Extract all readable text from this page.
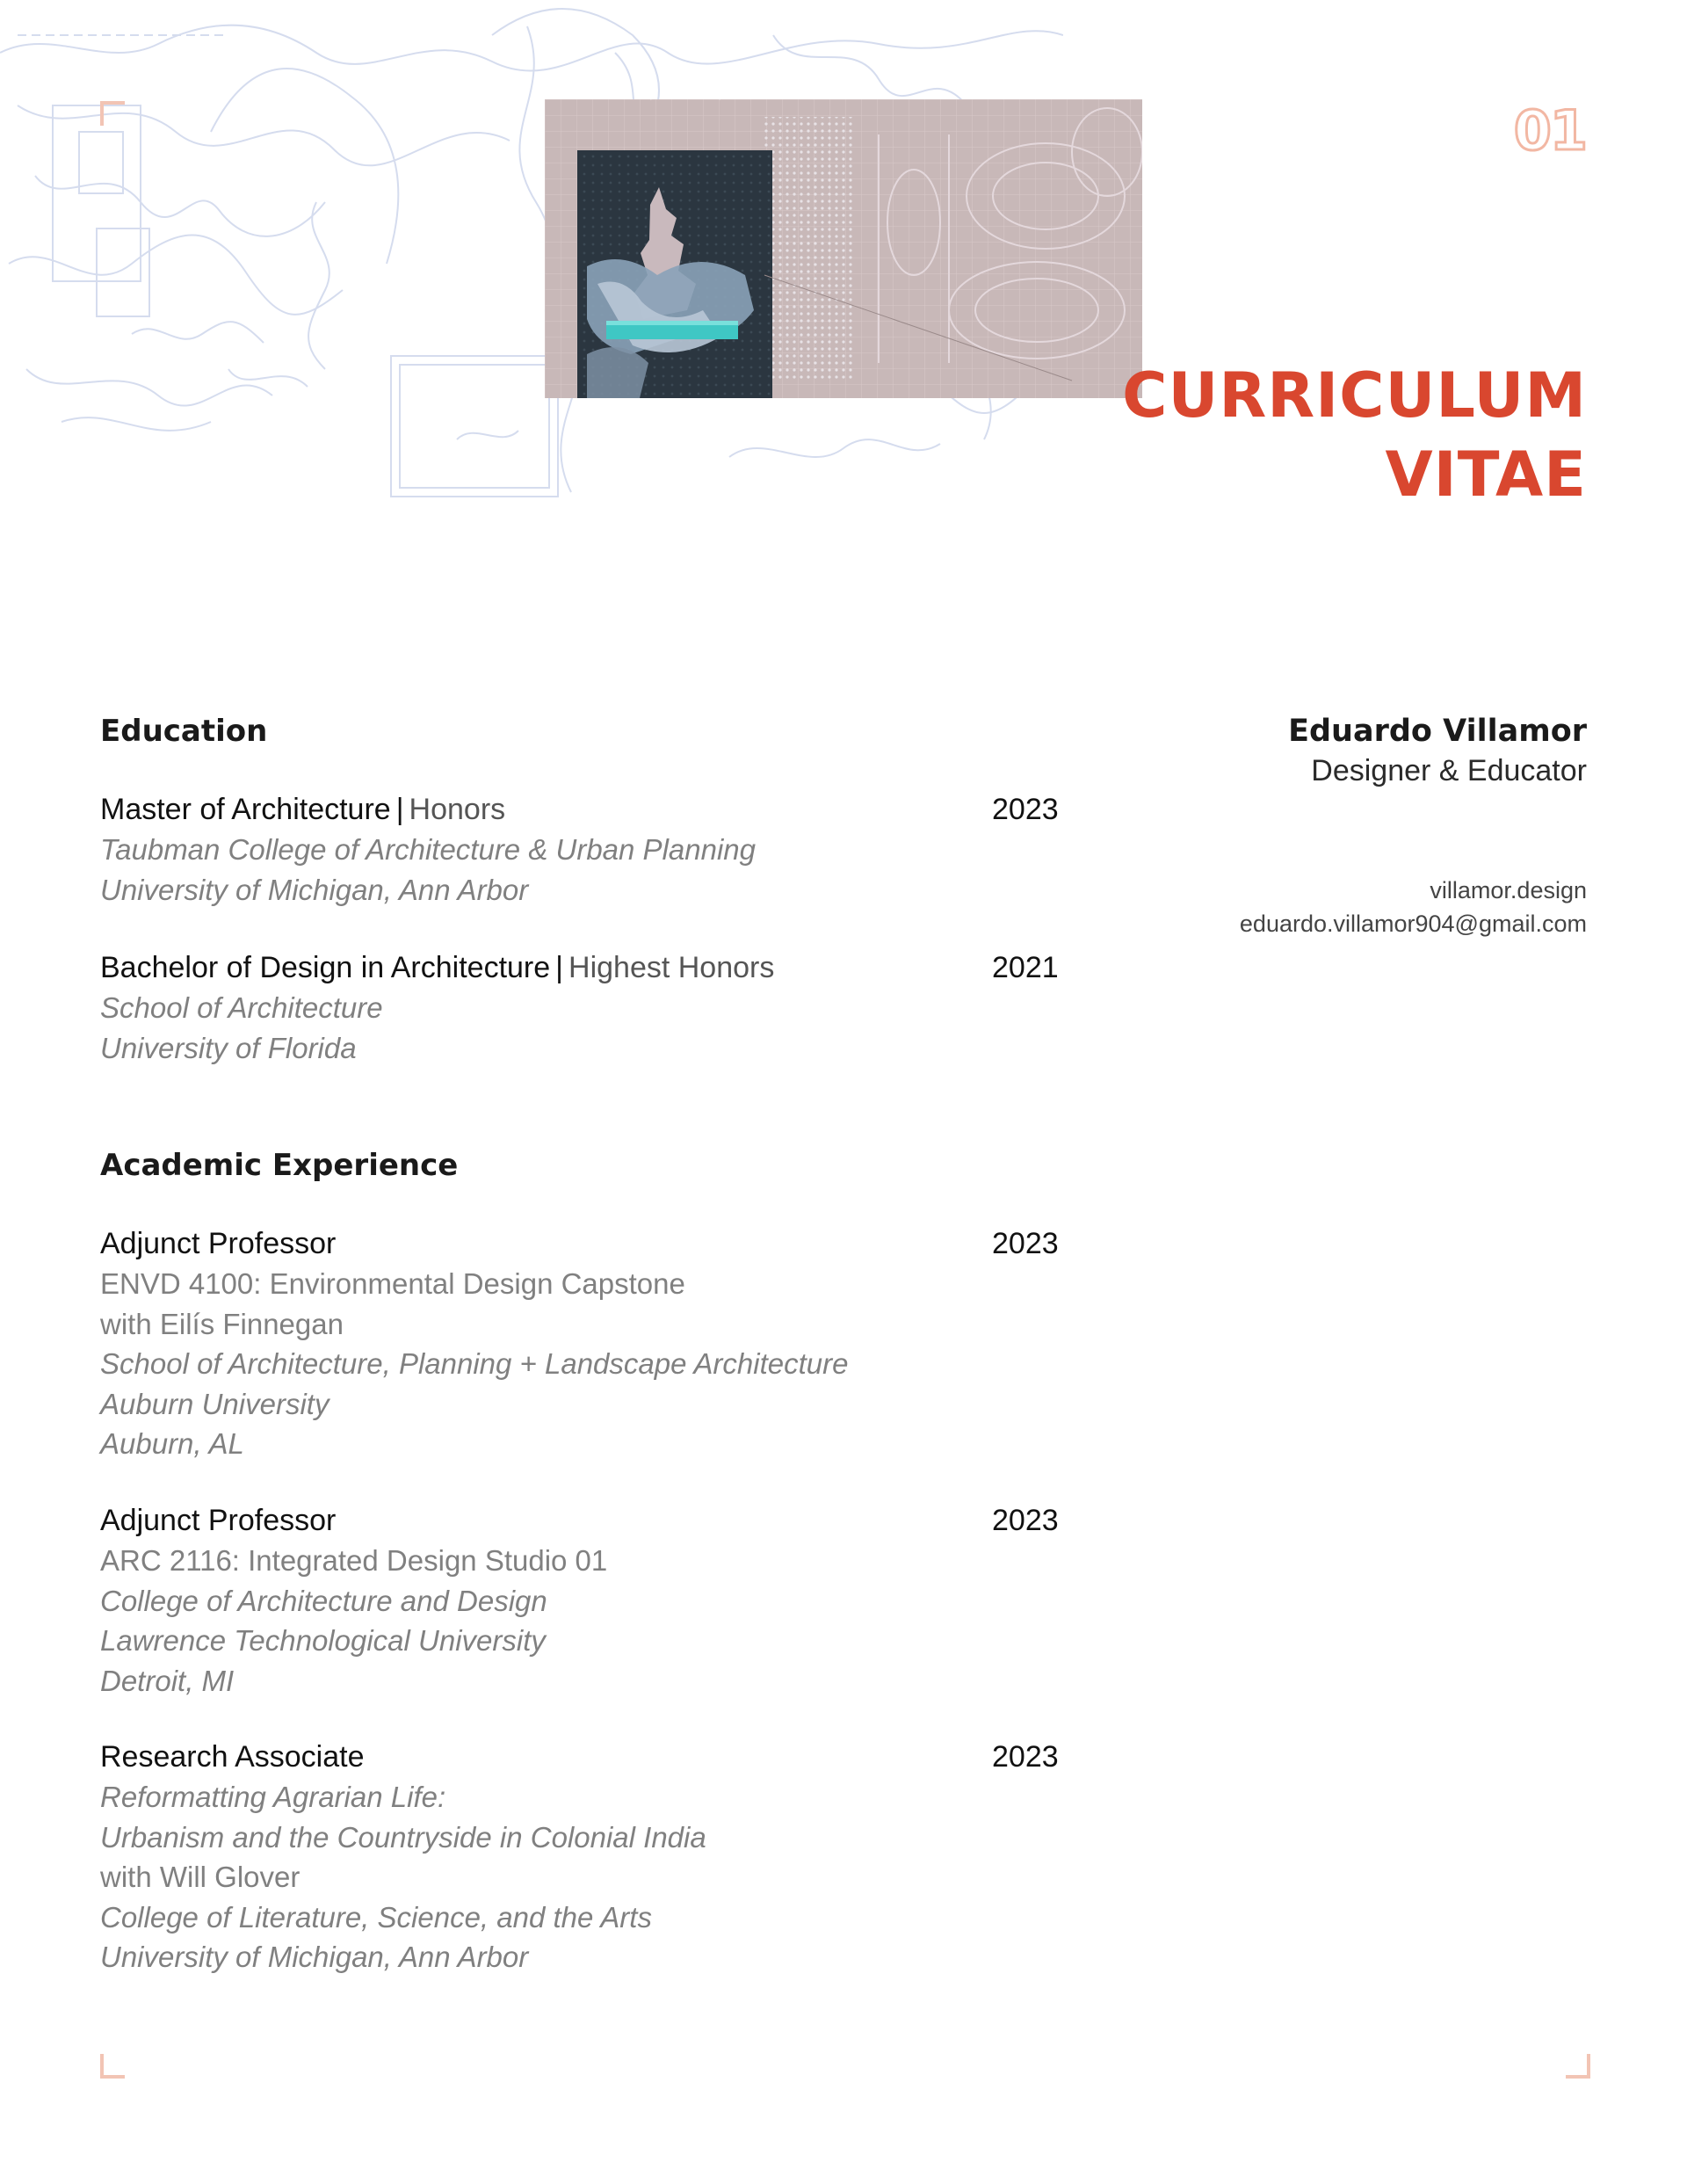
01
CURRICULUM
VITAE
Eduardo Villamor
Designer & Educator
villamor.design
eduardo.villamor904@gmail.com
Education
Master of Architecture | Honors	2023
Taubman College of Architecture & Urban Planning
University of Michigan, Ann Arbor
Bachelor of Design in Architecture | Highest Honors	2021
School of Architecture
University of Florida
Academic Experience
Adjunct Professor	2023
ENVD 4100: Environmental Design Capstone
with Eilís Finnegan
School of Architecture, Planning + Landscape Architecture
Auburn University
Auburn, AL
Adjunct Professor	2023
ARC 2116: Integrated Design Studio 01
College of Architecture and Design
Lawrence Technological University
Detroit, MI
Research Associate	2023
Reformatting Agrarian Life:
Urbanism and the Countryside in Colonial India
with Will Glover
College of Literature, Science, and the Arts
University of Michigan, Ann Arbor
